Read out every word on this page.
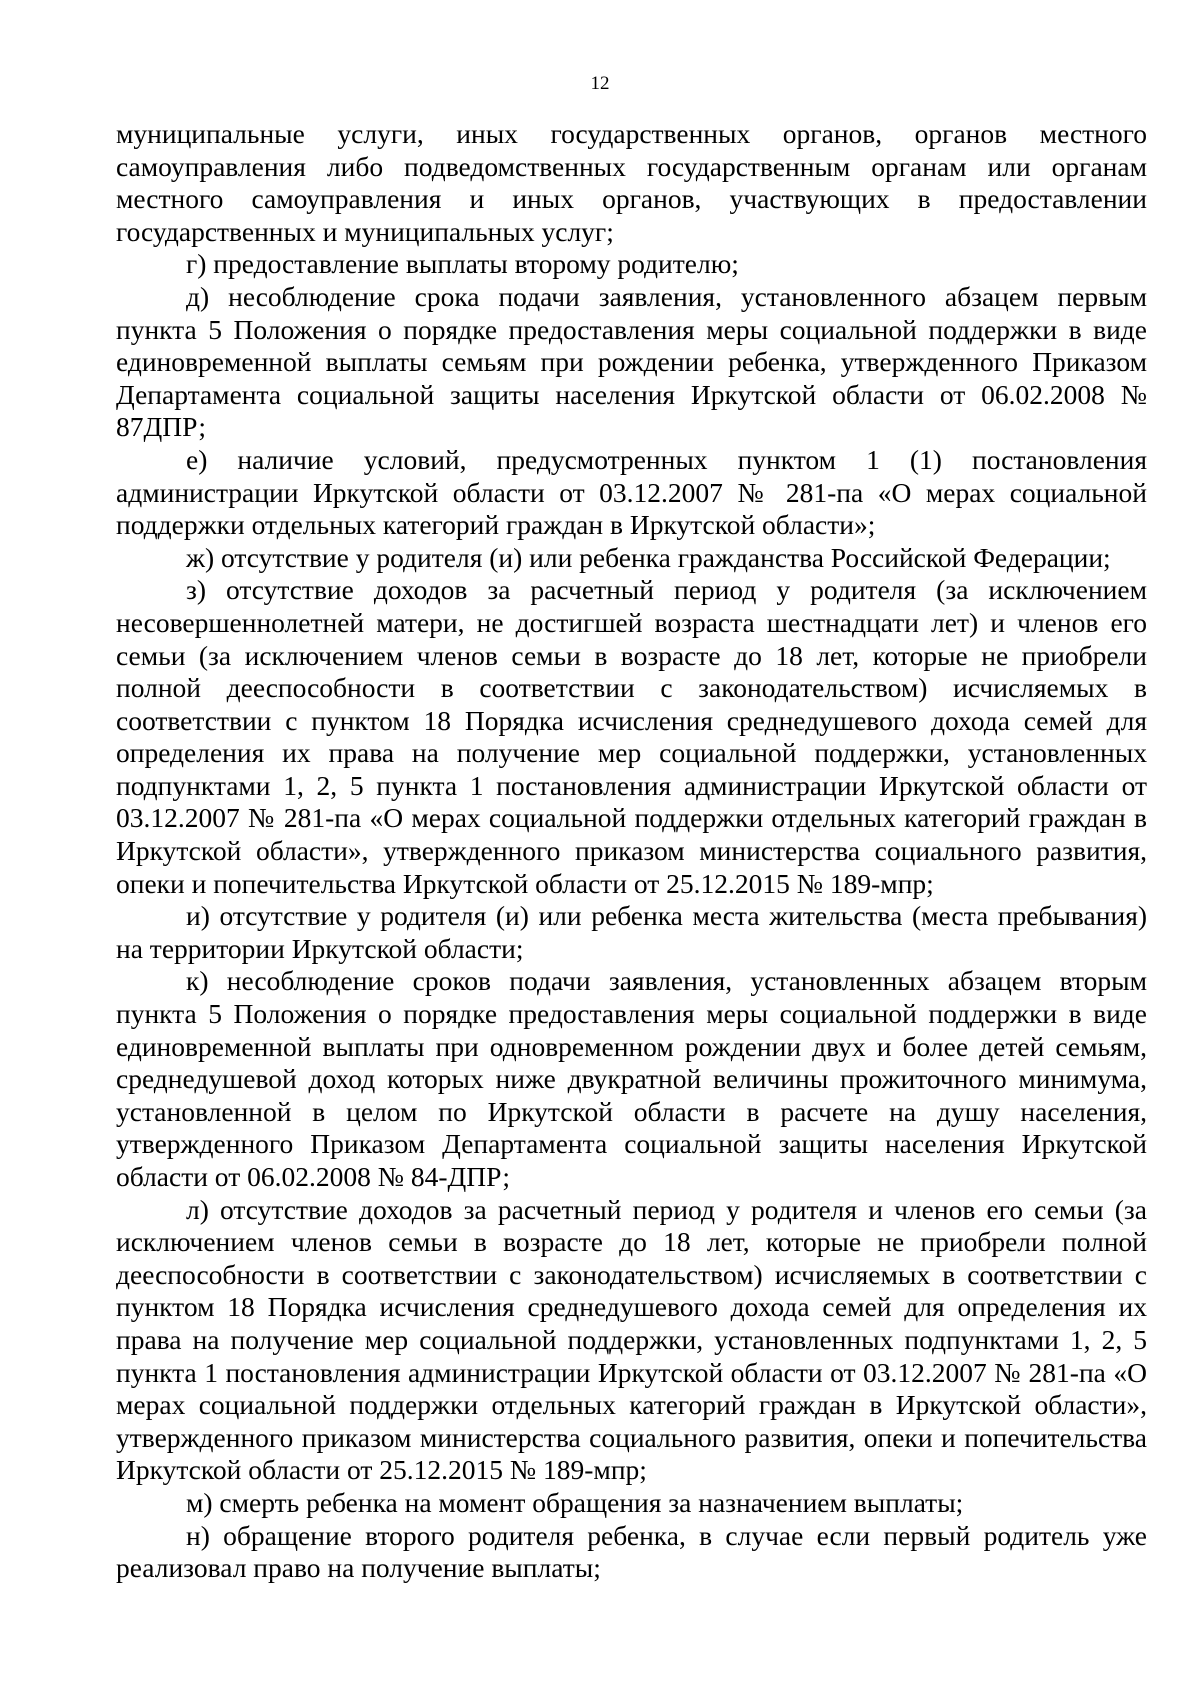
12

муниципальные услуги, иных государственных органов, органов местного самоуправления либо подведомственных государственным органам или органам местного самоуправления и иных органов, участвующих в предоставлении государственных и муниципальных услуг;

г) предоставление выплаты второму родителю;

д) несоблюдение срока подачи заявления, установленного абзацем первым пункта 5 Положения о порядке предоставления меры социальной поддержки в виде единовременной выплаты семьям при рождении ребенка, утвержденного Приказом Департамента социальной защиты населения Иркутской области от 06.02.2008 № 87ДПР;

е) наличие условий, предусмотренных пунктом 1 (1) постановления администрации Иркутской области от 03.12.2007 № 281-па «О мерах социальной поддержки отдельных категорий граждан в Иркутской области»;

ж) отсутствие у родителя (и) или ребенка гражданства Российской Федерации;

з) отсутствие доходов за расчетный период у родителя (за исключением несовершеннолетней матери, не достигшей возраста шестнадцати лет) и членов его семьи (за исключением членов семьи в возрасте до 18 лет, которые не приобрели полной дееспособности в соответствии с законодательством) исчисляемых в соответствии с пунктом 18 Порядка исчисления среднедушевого дохода семей для определения их права на получение мер социальной поддержки, установленных подпунктами 1, 2, 5 пункта 1 постановления администрации Иркутской области от 03.12.2007 № 281-па «О мерах социальной поддержки отдельных категорий граждан в Иркутской области», утвержденного приказом министерства социального развития, опеки и попечительства Иркутской области от 25.12.2015 № 189-мпр;

и) отсутствие у родителя (и) или ребенка места жительства (места пребывания) на территории Иркутской области;

к) несоблюдение сроков подачи заявления, установленных абзацем вторым пункта 5 Положения о порядке предоставления меры социальной поддержки в виде единовременной выплаты при одновременном рождении двух и более детей семьям, среднедушевой доход которых ниже двукратной величины прожиточного минимума, установленной в целом по Иркутской области в расчете на душу населения, утвержденного Приказом Департамента социальной защиты населения Иркутской области от 06.02.2008 № 84-ДПР;

л) отсутствие доходов за расчетный период у родителя и членов его семьи (за исключением членов семьи в возрасте до 18 лет, которые не приобрели полной дееспособности в соответствии с законодательством) исчисляемых в соответствии с пунктом 18 Порядка исчисления среднедушевого дохода семей для определения их права на получение мер социальной поддержки, установленных подпунктами 1, 2, 5 пункта 1 постановления администрации Иркутской области от 03.12.2007 № 281-па «О мерах социальной поддержки отдельных категорий граждан в Иркутской области», утвержденного приказом министерства социального развития, опеки и попечительства Иркутской области от 25.12.2015 № 189-мпр;

м) смерть ребенка на момент обращения за назначением выплаты;

н) обращение второго родителя ребенка, в случае если первый родитель уже реализовал право на получение выплаты;
